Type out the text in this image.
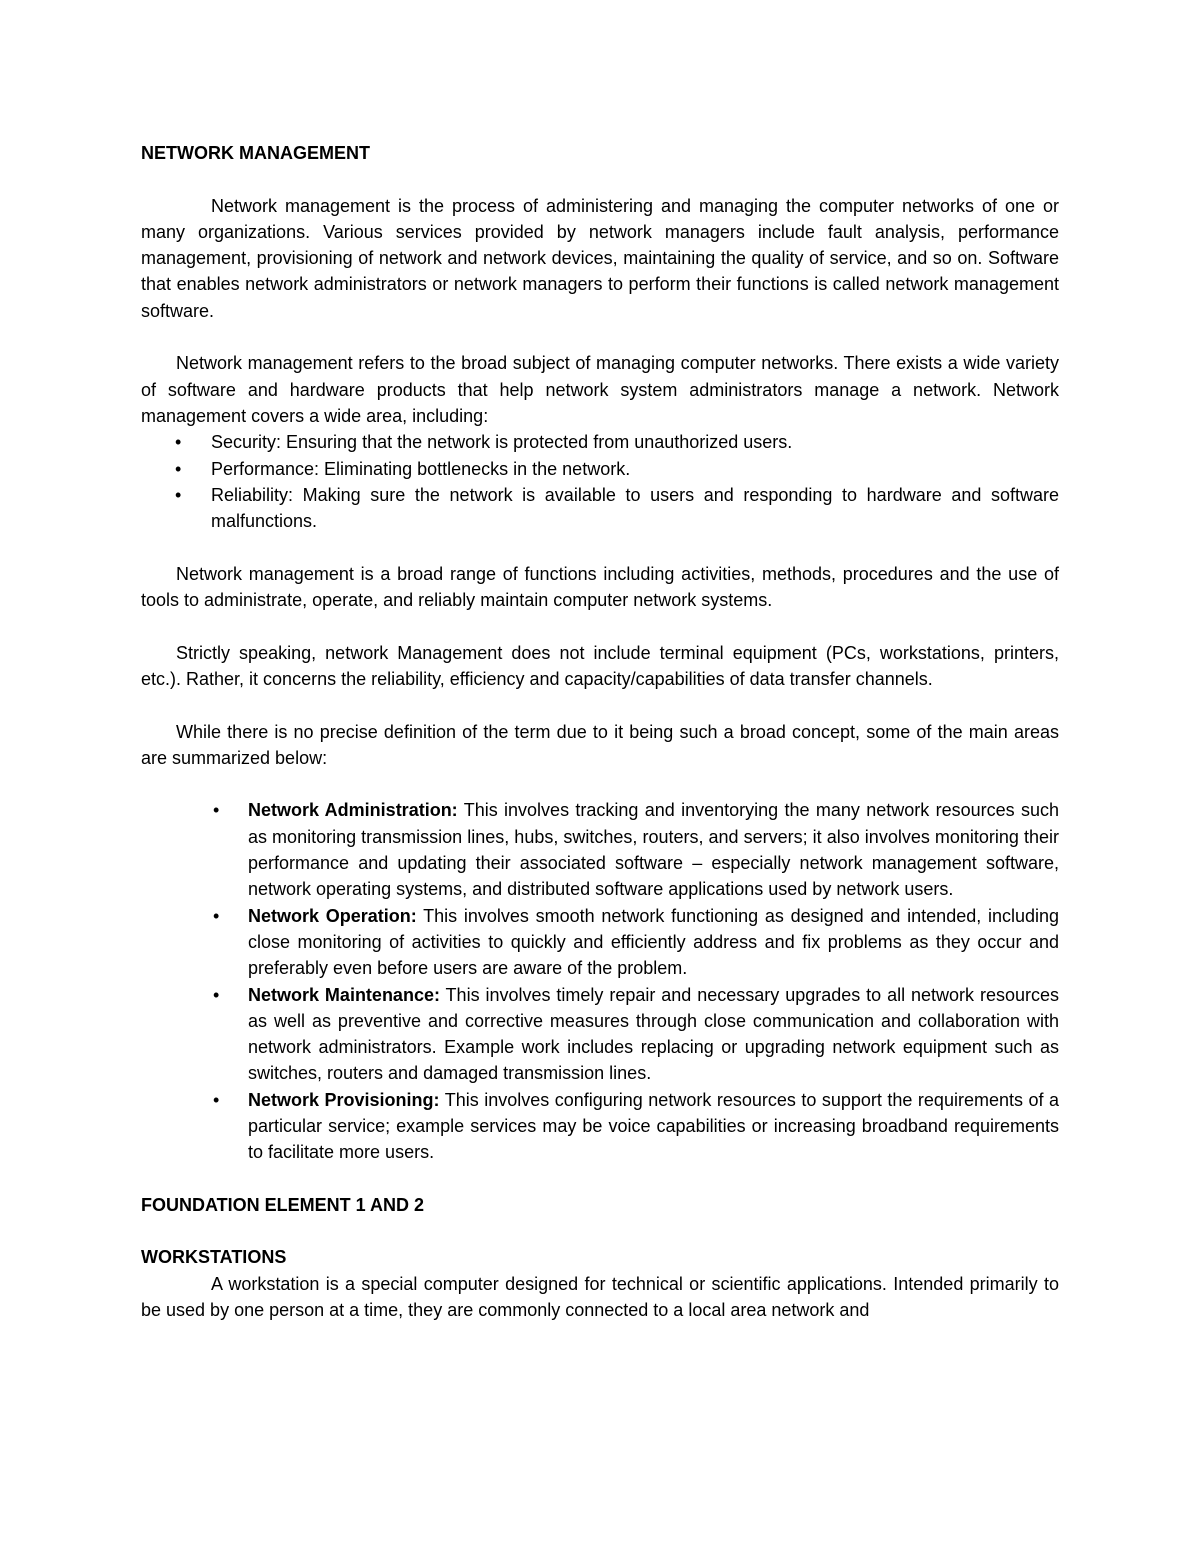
NETWORK MANAGEMENT

Network management is the process of administering and managing the computer networks of one or many organizations. Various services provided by network managers include fault analysis, performance management, provisioning of network and network devices, maintaining the quality of service, and so on. Software that enables network administrators or network managers to perform their functions is called network management software.

Network management refers to the broad subject of managing computer networks. There exists a wide variety of software and hardware products that help network system administrators manage a network. Network management covers a wide area, including:

• Security: Ensuring that the network is protected from unauthorized users.
• Performance: Eliminating bottlenecks in the network.
• Reliability: Making sure the network is available to users and responding to hardware and software malfunctions.

Network management is a broad range of functions including activities, methods, procedures and the use of tools to administrate, operate, and reliably maintain computer network systems.

Strictly speaking, network Management does not include terminal equipment (PCs, workstations, printers, etc.). Rather, it concerns the reliability, efficiency and capacity/capabilities of data transfer channels.

While there is no precise definition of the term due to it being such a broad concept, some of the main areas are summarized below:

• Network Administration: This involves tracking and inventorying the many network resources such as monitoring transmission lines, hubs, switches, routers, and servers; it also involves monitoring their performance and updating their associated software – especially network management software, network operating systems, and distributed software applications used by network users.
• Network Operation: This involves smooth network functioning as designed and intended, including close monitoring of activities to quickly and efficiently address and fix problems as they occur and preferably even before users are aware of the problem.
• Network Maintenance: This involves timely repair and necessary upgrades to all network resources as well as preventive and corrective measures through close communication and collaboration with network administrators. Example work includes replacing or upgrading network equipment such as switches, routers and damaged transmission lines.
• Network Provisioning: This involves configuring network resources to support the requirements of a particular service; example services may be voice capabilities or increasing broadband requirements to facilitate more users.

FOUNDATION ELEMENT 1 AND 2

WORKSTATIONS

A workstation is a special computer designed for technical or scientific applications. Intended primarily to be used by one person at a time, they are commonly connected to a local area network and
